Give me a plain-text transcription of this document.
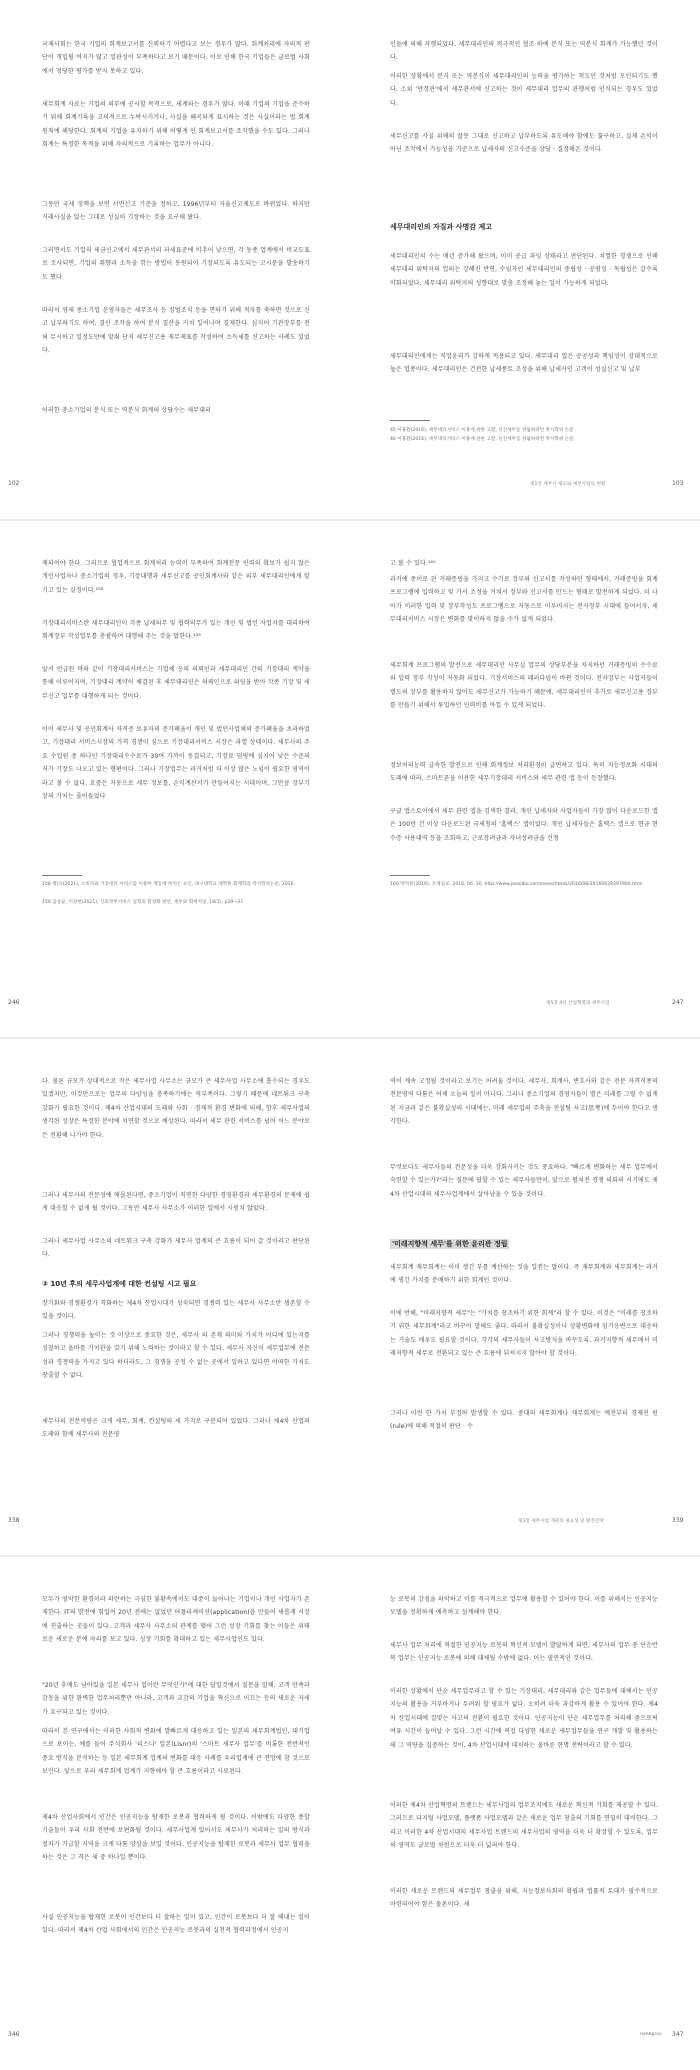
국제사회는 한국 기업의 회계보고서를 신뢰하기 어렵다고 보는 경우가 많다. 회계처리에 자의적 판단이 개입될 여지가 많고 일관성이 부족하다고 보기 때문이다. 이로 인해 한국 기업들은 글로벌 사회에서 정당한 평가를 받지 못하고 있다.
세무회계 자료는 기업의 외부에 공시할 목적으로, 세계와는 경우가 많다. 이때 기업의 기업을 준수하기 위해 회계기록을 고의적으로 누락시키거나, 사실을 왜곡되게 표시하는 것은 사실이라는 법 회계원칙에 해당한다. 회계의 기업을 유지하기 위해 어떻게 인 회계보고서를 조작했을 수도 있다. 그러나 회계는 특정한 목적을 위해 자의적으로 기록하는 업무가 아니다.
그동안 국세 정책을 보면 서면신고 기준을 정하고, 1996년부터 자율신고제도로 바뀌었다. 하지만 거래사실을 있는 그대로 성실히 기장하는 것을 요구해 왔다.
그러면서도 기업의 세금신고에서 세무관서의 과세표준에 비추어 낮으면, 각 동종 업계에서 비교도표로 조사되면, 기업의 취향과 소득을 깎는 방법이 동원되어 기장되도록 유도되는 고시문을 발송하기도 했다.
따라서 영세 중소기업 운영자들은 세무조사 등 징벌조치 등을 면하기 위해 적자를 축하면 것으로 신고 납부하기도 하여, 결산 조작을 하여 분식 결산을 거쳐 일어나며 결제한다. 심지어 기관장부를 전혀 무시하고 일정도만에 맞춰 단지 세무신고용 재무제표를 작성하여 소득세를 신고하는 사례도 있었다.
이러한 중소기업의 분식 또는 역분식 회계의 상당수는 세무대리
102
인들에 의해 자행되었다. 세무대리인의 적극적인 협조 하에 분식 또는 역분식 회계가 가능했던 것이다.
이러한 상황에서 분식 또는 역분식이 세무대리인의 능력을 평가하는 척도인 것처럼 오인되기도 했다. 소위 '만정관'에서 세무관서에 신고하는 것이 세무대리 업무의 관행처럼 인식되는 경우도 있었다.
세무신고를 사실 위해의 잘못 그대로 신고하고 납부하도록 유도해야 함에도 불구하고, 실제 손익이 아닌 조작에서 가능성을 기준으로 납세자의 신고수준을 상담 · 결정해온 것이다.
세무대리인의 자질과 사명감 제고
세무대리인의 수는 매년 증가해 왔으며, 이미 공급 과잉 상태라고 판단된다. 치열한 경쟁으로 인해 세무대리 위탁자의 업의는 강해진 반면, 수임자인 세무대리인의 중립성 · 공평성 · 독립성은 갈수록 약화되었다. 세무대리 위탁자의 성향대로 맞춤 조정해 놓는 일이 가능하게 되었다.
세무대리인에게는 직업윤리가 강하게 적용되고 있다. 세무대리 업은 공공성과 책임성이 상대적으로 높은 업종이다. 세무대리인은 건전한 납세풍토 조성을 위해 납세자인 고객이 성실신고 및 납부
45 이용환(2016), 세무대리서비스 이용에 관한 고찰, 선진세무를 정립하려면 박사학위 논문.
46 이용환(2016), 세무대리서비스 이용에 관한 고찰, 선진세무를 정립하려면 박사학위 논문.
제1장 세무사 제도와 세무사업의 현황	103
제되어야 한다. 그리므로 협업적으로 회계처리 능력이 부족하여 회계전문 인력의 확보가 쉽지 않은 개인사업자나 중소기업의 경우, 기장대행과 세무신고를 공인회계사와 같은 외부 세무대리인에게 맡기고 있는 실정이다.¹⁵⁸
기장대리서비스란 세무대리인이 각종 납세의무 및 협력의무가 있는 개인 및 법인 사업자를 대리하여 회계장부 작성업무를 총괄하여 대행해 주는 것을 말한다.¹⁵⁹
앞서 언급된 바와 같이 기장대리서비스는 기업체 등의 의뢰인과 세무대리인 간의 기장대리 계약을 통해 이루어지며, 기장대리 계약이 체결된 후 세무대리인은 의뢰인으로 위임을 받아 각종 기장 및 세무신고 업무를 대행하게 되는 것이다.
이미 세무사 및 공인회계사 자격증 보유자의 증가폐율이 개인 및 법인사업체의 증가폐율을 초과하였고, 기장대리 서비스시장의 가격 경쟁이 심으로 기장대리서비스 시장은 과열 상태이다. 세무사의 주요 수입원 중 하나인 기장대리수수료가 30여 가까이 동결되고, 기장료 덤핑에 심지어 낮은 수준의 저가 기장도 나오고 있는 형편이다. 그러나 기장업무는 과거처럼 더 이상 많은 노임이 필요한 영역이라고 볼 수 없다. 요즘은 자동으로 세무 정보를, 손익계산서가 만들어지는 시대이며, 그만큼 장부기장의 가치는 줄어들었다
158 행(?)(2021), 소비자와 기장대리 서비스를 이용한 행동에 미치는 요인, 대구대학교 대학원 회계학과 박사학위논문, 2016.
159 김상균, 이창현(2021), 신뢰정부서비스 일정의 활성화 방안, 세무와 회계저널, 16(1), p29~37.
246
고 볼 수 있다.¹⁶⁰
과거에 종이로 된 거래증빙을 가지고 수기로 장부와 신고서를 작성하던 형태에서, 거래증빙을 회계프로그램에 입력하고 및 가서 조정을 거쳐서 장부와 신고서를 만드는 형태로 발전하게 되었다. 더 나아가 이러한 입력 및 장부작성도 프로그램으로 자동으로 이루어지는 전자장부 시대에 들어서자, 세무대리서비스 시장은 변화를 맞이하지 않을 수가 없게 되었다.
세무회계 프로그램의 발전으로 세무대리인 사무실 업무의 상당부분을 차지하던 거래증빙의 수수료와 입력 장부 작성이 자동화 되었다. 기장서비스의 패러다임이 바뀐 것이다. 전자장부는 사업자들이 별도의 장부를 활용하지 않아도 세무신고가 가능하기 때문에, 세무대리인이 추가로 세무신고용 장부를 만들기 위해서 투입하던 인력비를 아낄 수 있게 되었다.
정보처리능력 급속한 발전으로 인해 회계정보 처리환경이 급변하고 있다. 특히 지능정보화 시대의 도래에 따라, 스마트폰을 이용한 세무기장대리 서비스와 세무 관련 앱 등이 등장했다.
구글 앱스토어에서 세무 관련 앱을 검색한 결과, 개인 납세자와 사업자들이 가장 많이 다운로드한 앱은 100만 건 이상 다운로드된 국세청의 '홈택스' 앱이었다. 개인 납세자들은 홈택스 앱으로 현금 현수증 사용내역 등을 조회하고, 근로장려금과 자녀장려금을 신청
160 박저현(2016), 조세일보, 2016. 06. 30. http://www.joseilbo.com/news/htmls/2016/06/20160629297900.html
제5장 4차 산업혁명과 세무사업	247
다. 물론 규모가 상대적으로 작은 세무사업 사무소는 규모가 큰 세무사업 사무소에 흡수되는 경우도 있겠지만, 이것만으로는 업무의 다양성을 충족하기에는 역부족이다. 그렇기 때문에 네트워크 구축 강화가 필요한 것이다. 제4차 산업시대의 도래와 사회 · 경제적 환경 변화에 의해, 향후 세무사업의 생각된 성장은 특정한 분야에 치면할 것으로 예상된다. 따라서 세무 관련 서비스를 넘어 어느 분야로든 전환해 나가야 한다.
그러나 세무사의 전문성에 매몰된다면, 중소기업이 직면한 다양한 경영환경과 세무환경의 문제에 쉽게 대응할 수 없게 될 것이다. 그동안 세무사 사무소가 이러한 일에서 시원치 않았다.
그러나 세무사업 사무소의 네트워크 구축 강화가 세무사 업계의 큰 흐름이 되어 갈 것이라고 판단된다.
② 10년 후의 세무사업계에 대한 컨설팅 시고 필요
장기화와 경쟁환경가 격화하는 제4차 산업시대가 성숙되면 경쟁력 있는 세무사 사무소만 생존할 수 있을 것이다.
그러나 경쟁력을 높이는 것 이상으로 중요한 것은, 세무사 의 존재 의미와 가치가 어디에 있는지를 성찰하고 올바를 가치관을 갖기 위해 노력하는 것이라고 할 수 있다. 세무사 자신이 세무업무에 전문성과 경쟁력을 가지고 있다 하더라도, 그 경쟁을 공정 수 없는 곳에서 일하고 있다면 어떠한 가치도 창출할 수 없다.
세무사의 전문역량은 크게 세무, 회계, 컨설팅의 세 가지로 구분되어 있었다. 그러나 제4차 산업의 도래와 함께 세무사의 전문영
338
역이 계속 고정될 것이라고 보기는 어려울 것이다. 세무사, 회계사, 변호사와 같은 전문 자격직종의 전문영역 다툼은 어제 오늘의 일이 아니다. 그러나 중소기업의 경영자들이 별은 미래를 그릴 수 없게 된 지금과 같은 불확실성의 시대에는, 미래 세무업의 주축을 진설팅 사고(思考)에 두어야 한다고 생각한다.
무엇보다도 세무사들의 전문성을 더욱 강화시키는 것도 중요하다. "빠르게 변화하는 세무 업무에서 숙련할 수 있는가?"라는 질문에 답할 수 있는 세무사들만이, 앞으로 펼쳐진 경쟁 의화의 시기에도 제4차 산업시대의 세무사업계에서 살아남을 수 있을 것이다.
'미래지향적 세무'를 위한 윤리관 정립
세무회계 재무회계는 이미 생긴 부를 계산하는 것을 일컫는 말이다. 즉 재무회계와 세무회계는 과거에 생긴 가치를 분배하기 위한 회계인 것이다.
이에 반해, "미래지향적 세무"는 "가치를 창조하기 위한 회계"라 할 수 있다. 이것은 "미래를 창조하기 위한 세무회계"라고 바꾸어 말해도 좋다. 따라서 불확실성이나 상황변화에 임기응변으로 대응하는 기술도 매우도 필요할 것이다. 각각의 세무사들이 사고방식을 바꾸도록, 과거지향적 세무에서 미래지향적 세무로 전환되고 있는 큰 흐름에 뒤처지지 않아야 할 것이다.
그러나 이런 한 가치 부정하 발생할 수 있다. 중대의 세무회계나 재무회계는 예전부터 경제진 원(rule)에 의해 적절히 판단 · 수
제3장 세무사업 개관의 필요성 및 발전전략	339
모두가 영악한 환경이라 파란하는 극심한 불황속에서도 대중이 늘어나는 기업이나 개인 사업자가 존재한다. IT의 발전에 힘입어 20년 전에는 없었던 어플리케이션(application)을 만들어 새롭게 시장에 진출하는 곳들이 있다. 고객과 세무사 사무소의 관계를 맺어 그런 성장 기회를 찾는 이들은 위태로운 새로운 분에 자리를 보고 있다. 성장 기회를 확대하고 있는 세무사업인도 있다.
"20년 후에도 남아있을 일본 세무사 업이란 무엇인가"에 대한 답일것에서 질문을 말해, 고객 만족과 감동을 위한 완벽한 업무처리뿐만 아니라, 고객과 교감의 기업을 혁신으로 이끄는 등의 새로운 자세가 요구되고 있는 것이다.
따라서 본 연구에서는 이러한 사회적 변화에 발빠르게 대응하고 있는 일본의 세무회계법인, 대기업으로 보이는, 예를 들어 주식회사 '리스나' 일본(Lisnr)의 '스마트 세무사 업무'를 비롯한 전반적인 중요 방식을 분석하는 등 일본 세무회계 업계의 변화를 대응 사례를 우리업계에 큰 전망에 참 것으로 보인다. 앞으로 우리 세무회계 업계가 지향해야 할 큰 흐름이라고 사료된다.
제4차 산업사회에서 인간은 인공지능을 탑재한 로봇과 협력하게 될 것이다. 이밖에도 다양한 종합 기술들이 우리 사회 전반에 보편화될 것이다. 세무사업계 있어서도 세무사가 처리하는 일의 방식과 절차가 기급할 지역을 크게 다툼 양상을 보일 것이다. 인공지능을 탑재한 로봇과 세무사 업무 협력을 하는 것은 그 격은 세 중 하나일 뿐이다.
사실 인공지능을 탑재한 로봇이 인간보다 더 잘하는 일이 있고, 인간이 로봇보다 더 잘 해내는 일이 있다. 따라서 제4차 산업 사회에서의 인간은 인공지능 로봇과의 실천적 협력과정에서 인공지
346
능 로봇의 강점을 파악하고 이를 적극적으로 업무에 활용할 수 있어야 한다. 이를 위해서는 인공지능 모델을 정확하게 예측하고 설계해야 한다.
세무사 업무 처리에 적절한 인공지능 로봇의 혁신적 모델이 발달하게 되면, 세무사의 업무 중 단순반복 업무는 인공지능 로봇에 의해 대체될 수밖에 없다. 이는 필연적인 것이다.
이러한 상황에서 단순 세무업무라고 할 수 있는 기장대리, 세무대리와 같은 업무들에 대해서는 인공지능의 활용을 거부하거나 두려워 할 필요가 없다. 오히려 더욱 과감하게 활용 수 있어야 한다. 제4차 산업시대에 걸맞는 사고의 전환이 필요한 것이다. 인공지능이 단순 세무업무를 처리해 줌으로써 여유 시간이 늘어날 수 있다. 그런 시간에 복잡 다양한 새로운 세무업무들을 연구 개발 및 활용하는데 그 역량을 집중하는 것이, 4차 산업시대에 대처하는 올바른 현명 전략이라고 할 수 있다.
이러한 제4차 산업혁명의 트렌드는 세무사업의 업무조직에도 새로운 혁신적 기회를 제공할 수 있다. 그러므로 디지털 사업모델, 플랫폼 사업모델과 같은 새로운 업무 창출의 기회를 면밀히 대비한다. 그리고 이러한 4차 산업시대의 세무사업 트렌드의 세무사업의 영역을 더욱 더 확장할 수 있도록, 업무의 영역도 글로벌 차원으로 더욱 더 넓혀야 한다.
이러한 새로운 트렌드의 세무업무 창출을 위해, 지능정보사회의 확립과 법률적 토대가 필수적으로 마련되어야 함은 물론이다. 세
nahbgrus 347
